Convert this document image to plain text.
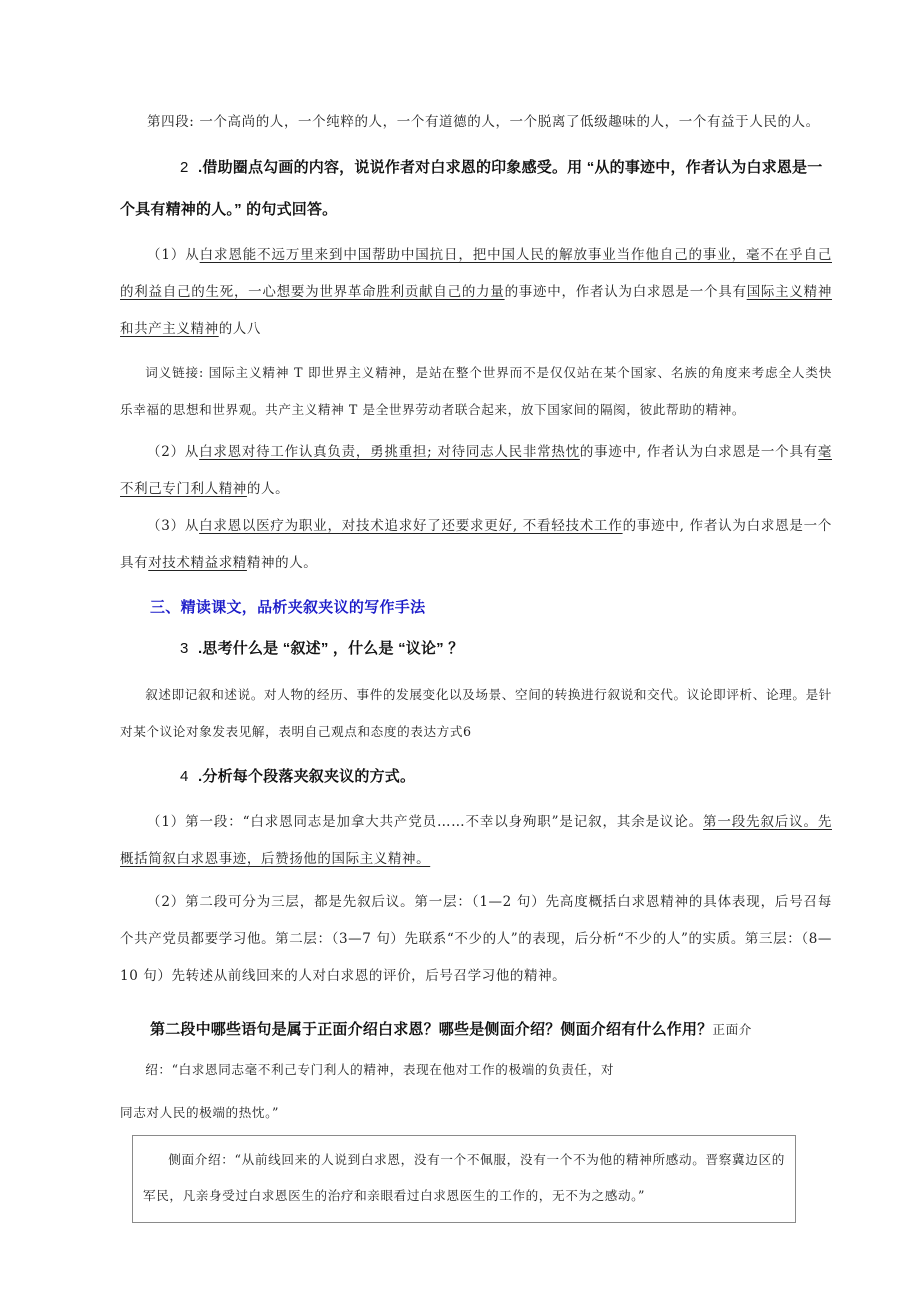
第四段: 一个高尚的人，一个纯粹的人，一个有道德的人，一个脱离了低级趣味的人，一个有益于人民的人。

2 .借助圈点勾画的内容，说说作者对白求恩的印象感受。用 “从的事迹中，作者认为白求恩是一个具有精神的人。” 的句式回答。

（1）从白求恩能不远万里来到中国帮助中国抗日，把中国人民的解放事业当作他自己的事业，毫不在乎自己的利益自己的生死，一心想要为世界革命胜利贡献自己的力量的事迹中，作者认为白求恩是一个具有国际主义精神和共产主义精神的人八

词义链接: 国际主义精神 T 即世界主义精神，是站在整个世界而不是仅仅站在某个国家、名族的角度来考虑全人类快乐幸福的思想和世界观。共产主义精神 T 是全世界劳动者联合起来，放下国家间的隔阂，彼此帮助的精神。

（2）从白求恩对待工作认真负责，勇挑重担; 对待同志人民非常热忱的事迹中, 作者认为白求恩是一个具有毫不利己专门利人精神的人。

（3）从白求恩以医疗为职业，对技术追求好了还要求更好, 不看轻技术工作的事迹中, 作者认为白求恩是一个具有对技术精益求精精神的人。

三、精读课文，品析夹叙夹议的写作手法

3 .思考什么是 “叙述” ，什么是 “议论” ？

叙述即记叙和述说。对人物的经历、事件的发展变化以及场景、空间的转换进行叙说和交代。议论即评析、论理。是针对某个议论对象发表见解，表明自己观点和态度的表达方式6

4 .分析每个段落夹叙夹议的方式。

（1）第一段：“白求恩同志是加拿大共产党员……不幸以身殉职”是记叙，其余是议论。第一段先叙后议。先概括简叙白求恩事迹，后赞扬他的国际主义精神。

（2）第二段可分为三层，都是先叙后议。第一层：（1—2 句）先高度概括白求恩精神的具体表现，后号召每个共产党员都要学习他。第二层：（3—7 句）先联系“不少的人”的表现，后分析“不少的人”的实质。第三层：（8—10 句）先转述从前线回来的人对白求恩的评价，后号召学习他的精神。

第二段中哪些语句是属于正面介绍白求恩？哪些是侧面介绍？侧面介绍有什么作用？正面介

绍：“白求恩同志毫不利己专门利人的精神，表现在他对工作的极端的负责任，对

同志对人民的极端的热忱。”

侧面介绍：“从前线回来的人说到白求恩，没有一个不佩服，没有一个不为他的精神所感动。晋察冀边区的军民，凡亲身受过白求恩医生的治疗和亲眼看过白求恩医生的工作的，无不为之感动。”
